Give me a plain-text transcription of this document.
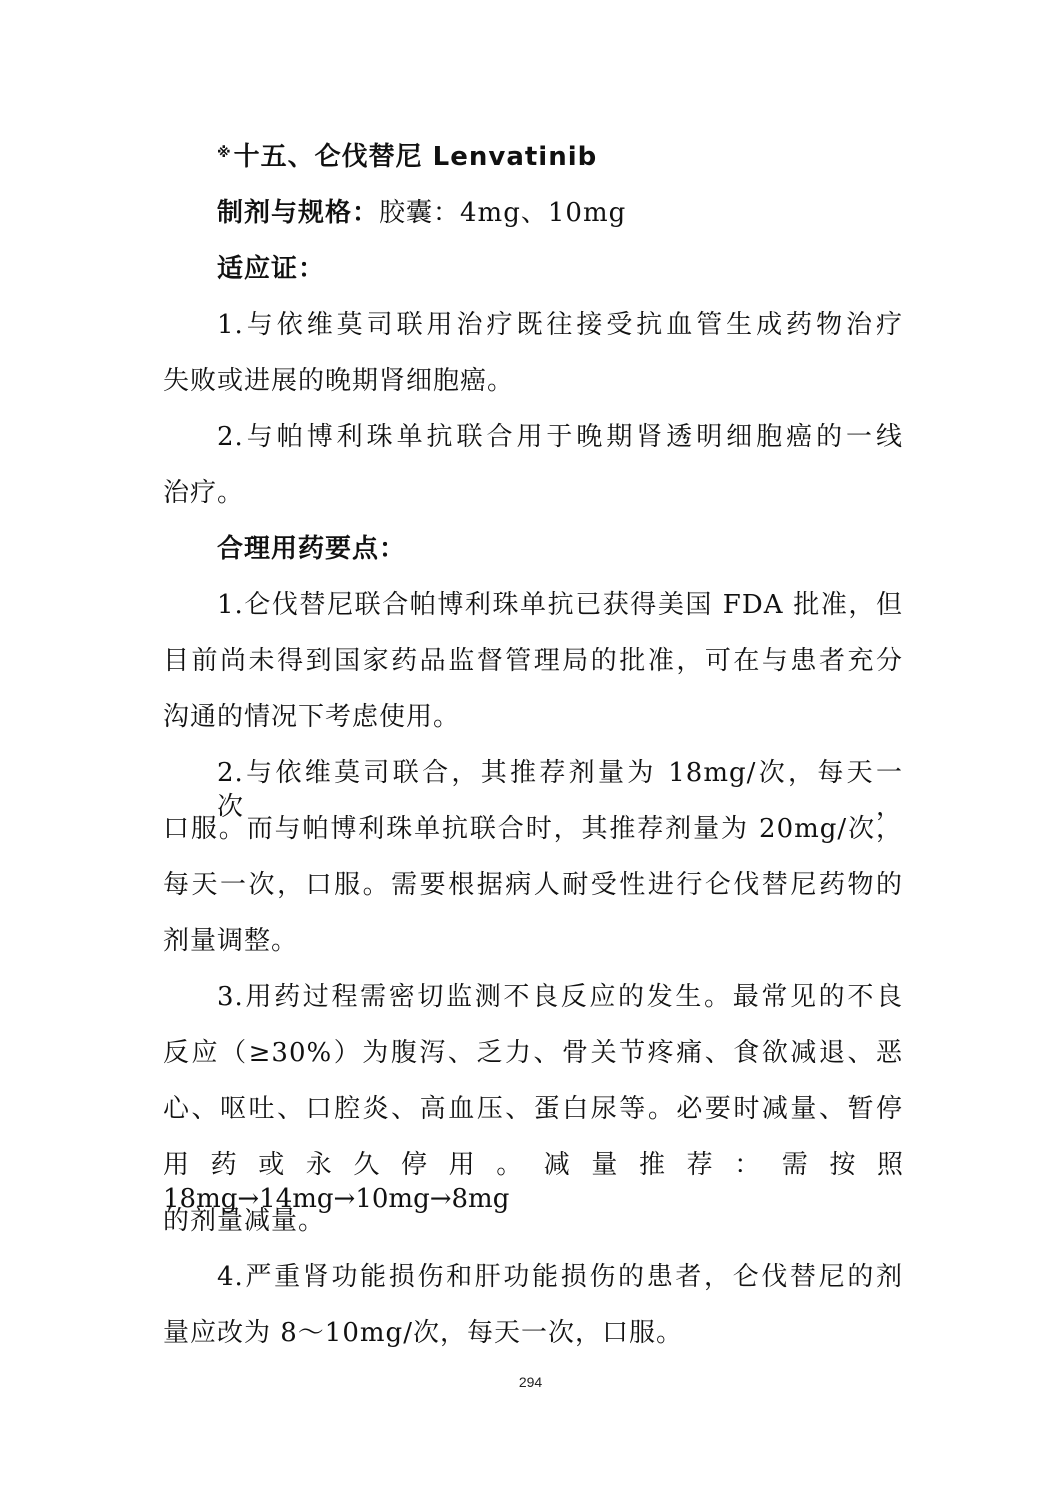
※十五、仑伐替尼 Lenvatinib
制剂与规格：胶囊：4mg、10mg
适应证：
1.与依维莫司联用治疗既往接受抗血管生成药物治疗
失败或进展的晚期肾细胞癌。
2.与帕博利珠单抗联合用于晚期肾透明细胞癌的一线
治疗。
合理用药要点：
1.仑伐替尼联合帕博利珠单抗已获得美国 FDA 批准，但
目前尚未得到国家药品监督管理局的批准，可在与患者充分
沟通的情况下考虑使用。
2.与依维莫司联合，其推荐剂量为 18mg/次，每天一次，
口服。而与帕博利珠单抗联合时，其推荐剂量为 20mg/次，
每天一次，口服。需要根据病人耐受性进行仑伐替尼药物的
剂量调整。
3.用药过程需密切监测不良反应的发生。最常见的不良
反应（≥30%）为腹泻、乏力、骨关节疼痛、食欲减退、恶
心、呕吐、口腔炎、高血压、蛋白尿等。必要时减量、暂停
用药或永久停用。减量推荐：需按照 18mg→14mg→10mg→8mg
的剂量减量。
4.严重肾功能损伤和肝功能损伤的患者，仑伐替尼的剂
量应改为 8～10mg/次，每天一次，口服。
294
